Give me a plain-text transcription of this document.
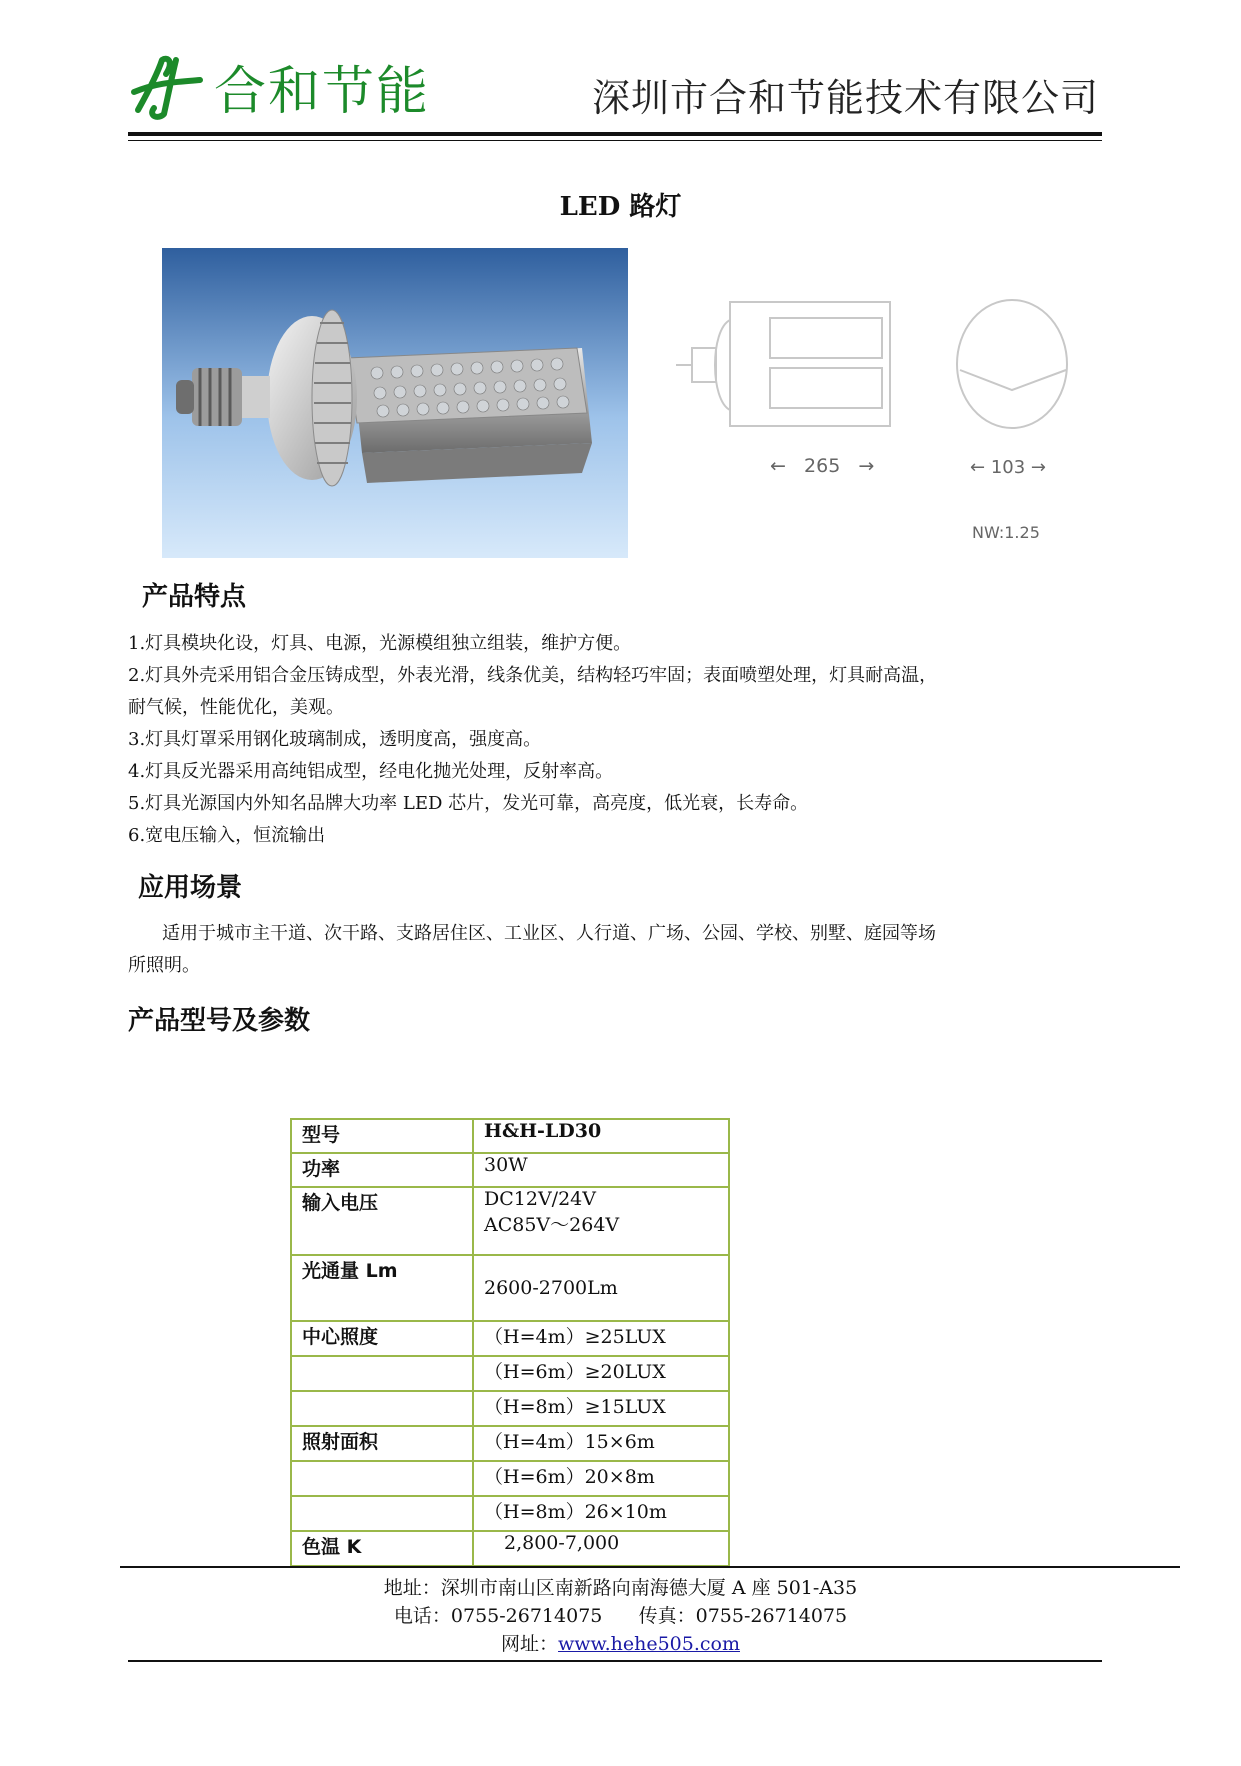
合和节能	深圳市合和节能技术有限公司
LED 路灯
←   265   →	← 103 →
NW:1.25
产品特点
1.灯具模块化设，灯具、电源，光源模组独立组装，维护方便。
2.灯具外壳采用铝合金压铸成型，外表光滑，线条优美，结构轻巧牢固；表面喷塑处理，灯具耐高温，
耐气候，性能优化，美观。
3.灯具灯罩采用钢化玻璃制成，透明度高，强度高。
4.灯具反光器采用高纯铝成型，经电化抛光处理，反射率高。
5.灯具光源国内外知名品牌大功率 LED 芯片，发光可靠，高亮度，低光衰，长寿命。
6.宽电压输入，恒流输出
应用场景
适用于城市主干道、次干路、支路居住区、工业区、人行道、广场、公园、学校、别墅、庭园等场
所照明。
产品型号及参数
型号	H&H-LD30
功率	30W
输入电压	DC12V/24V
AC85V～264V

光通量 Lm	2600-2700Lm
中心照度	（H=4m）≥25LUX
	（H=6m）≥20LUX
	（H=8m）≥15LUX
照射面积	（H=4m）15×6m
	（H=6m）20×8m
	（H=8m）26×10m
色温 K	2,800-7,000
地址：深圳市南山区南新路向南海德大厦 A 座 501-A35
电话：0755-26714075 传真：0755-26714075
网址：www.hehe505.com
